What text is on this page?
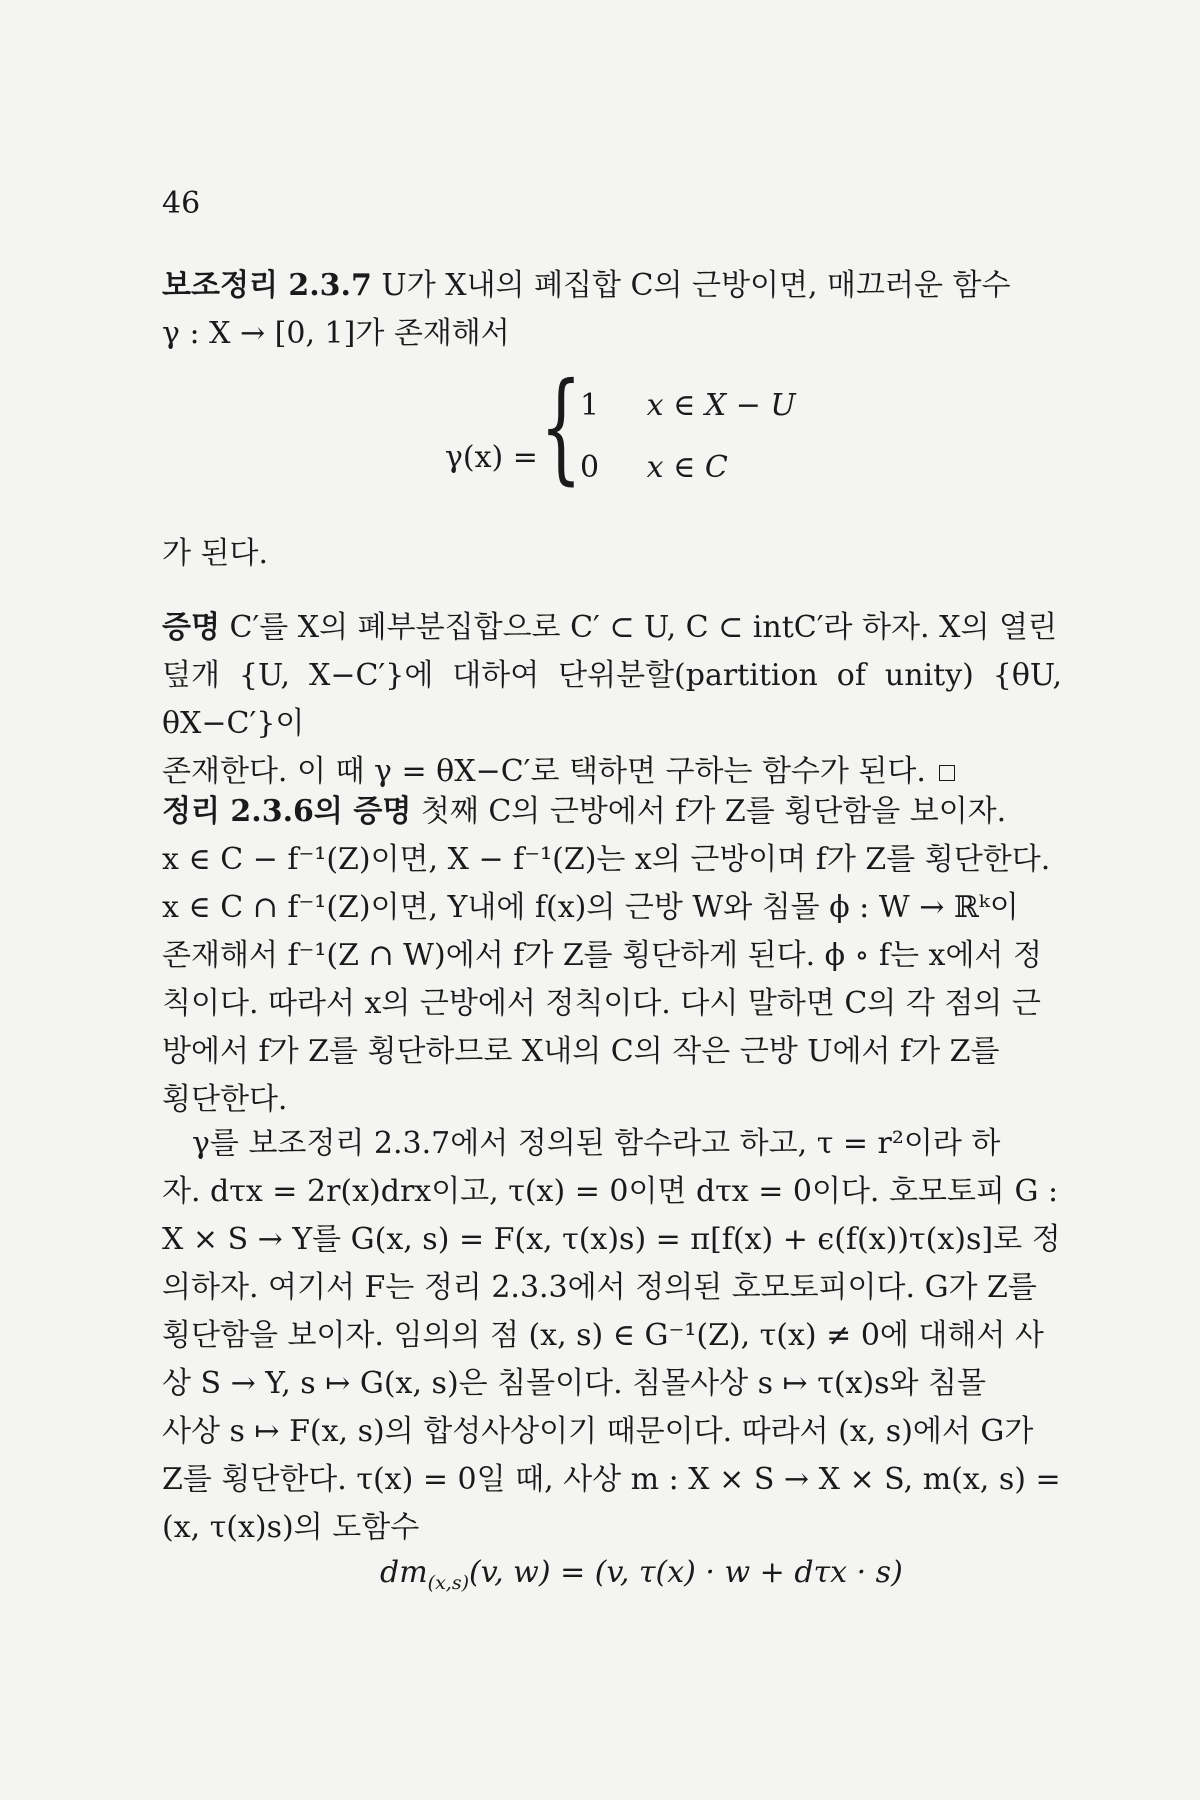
46
보조정리 2.3.7 U가 X내의 폐집합 C의 근방이면, 매끄러운 함수
γ : X → [0, 1]가 존재해서
γ(x) = {
1 x ∈ X − U
0 x ∈ C
가 된다.
증명 C′를 X의 폐부분집합으로 C′ ⊂ U, C ⊂ intC′라 하자. X의 열린
덮개 {U, X−C′}에 대하여 단위분할(partition of unity) {θU, θX−C′}이
존재한다. 이 때 γ = θX−C′로 택하면 구하는 함수가 된다.
정리 2.3.6의 증명 첫째 C의 근방에서 f가 Z를 횡단함을 보이자.
x ∈ C − f⁻¹(Z)이면, X − f⁻¹(Z)는 x의 근방이며 f가 Z를 횡단한다.
x ∈ C ∩ f⁻¹(Z)이면, Y내에 f(x)의 근방 W와 침몰 ϕ : W → ℝᵏ이
존재해서 f⁻¹(Z ∩ W)에서 f가 Z를 횡단하게 된다. ϕ ∘ f는 x에서 정
칙이다. 따라서 x의 근방에서 정칙이다. 다시 말하면 C의 각 점의 근
방에서 f가 Z를 횡단하므로 X내의 C의 작은 근방 U에서 f가 Z를
횡단한다.
γ를 보조정리 2.3.7에서 정의된 함수라고 하고, τ = r²이라 하
자. dτx = 2r(x)drx이고, τ(x) = 0이면 dτx = 0이다. 호모토피 G :
X × S → Y를 G(x, s) = F(x, τ(x)s) = π[f(x) + ϵ(f(x))τ(x)s]로 정
의하자. 여기서 F는 정리 2.3.3에서 정의된 호모토피이다. G가 Z를
횡단함을 보이자. 임의의 점 (x, s) ∈ G⁻¹(Z), τ(x) ≠ 0에 대해서 사
상 S → Y, s ↦ G(x, s)은 침몰이다. 침몰사상 s ↦ τ(x)s와 침몰
사상 s ↦ F(x, s)의 합성사상이기 때문이다. 따라서 (x, s)에서 G가
Z를 횡단한다. τ(x) = 0일 때, 사상 m : X × S → X × S, m(x, s) =
(x, τ(x)s)의 도함수
$dm_{(x,s)}(v$, w) = (v, τ(x) · w + dτx · s)
